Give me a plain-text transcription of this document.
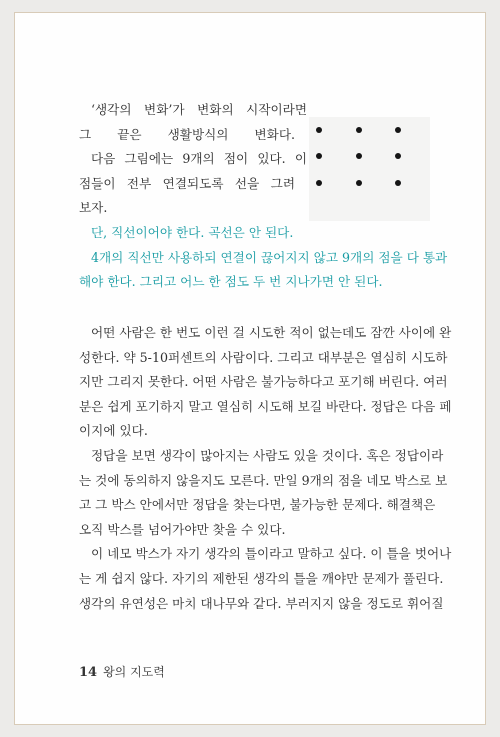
‘생각의 변화’가 변화의 시작이라면
그 끝은 생활방식의 변화다.
다음 그림에는 9개의 점이 있다. 이
점들이 전부 연결되도록 선을 그려
보자.
단, 직선이어야 한다. 곡선은 안 된다.
4개의 직선만 사용하되 연결이 끊어지지 않고 9개의 점을 다 통과
해야 한다. 그리고 어느 한 점도 두 번 지나가면 안 된다.
어떤 사람은 한 번도 이런 걸 시도한 적이 없는데도 잠깐 사이에 완
성한다. 약 5-10퍼센트의 사람이다. 그리고 대부분은 열심히 시도하
지만 그리지 못한다. 어떤 사람은 불가능하다고 포기해 버린다. 여러
분은 쉽게 포기하지 말고 열심히 시도해 보길 바란다. 정답은 다음 페
이지에 있다.
정답을 보면 생각이 많아지는 사람도 있을 것이다. 혹은 정답이라
는 것에 동의하지 않을지도 모른다. 만일 9개의 점을 네모 박스로 보
고 그 박스 안에서만 정답을 찾는다면, 불가능한 문제다. 해결책은
오직 박스를 넘어가야만 찾을 수 있다.
이 네모 박스가 자기 생각의 틀이라고 말하고 싶다. 이 틀을 벗어나
는 게 쉽지 않다. 자기의 제한된 생각의 틀을 깨야만 문제가 풀린다.
생각의 유연성은 마치 대나무와 같다. 부러지지 않을 정도로 휘어질
14 왕의 지도력
